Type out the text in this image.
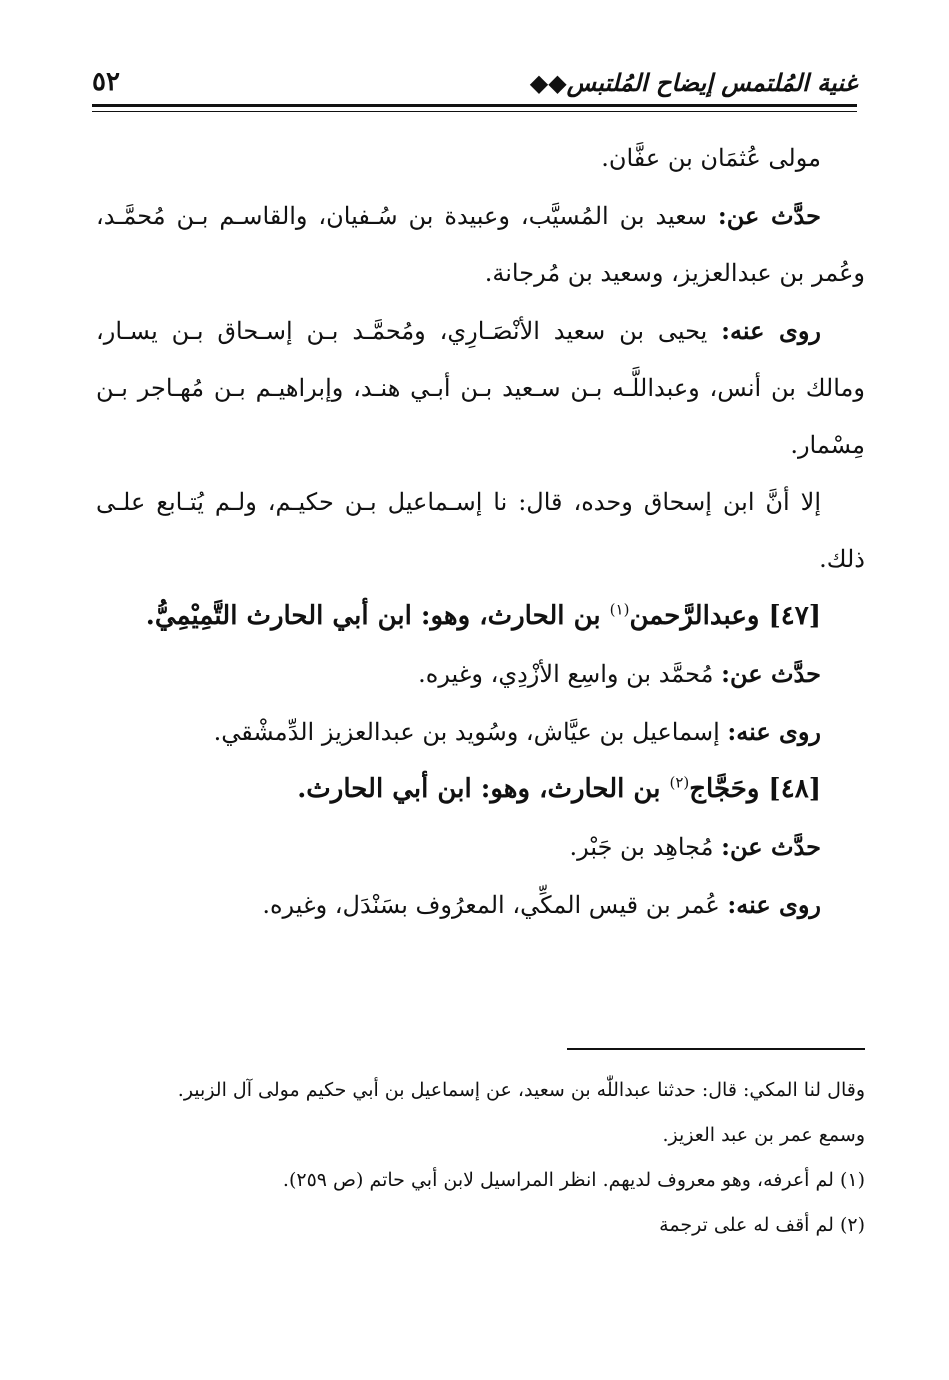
٥٢	غنية المُلتمس إيضاح المُلتبس◆◆

مولى عُثمَان بن عفَّان.

حدَّث عن: سعيد بن المُسيَّب، وعبيدة بن سُـفيان، والقاسـم بـن مُحمَّـد، وعُمر بن عبدالعزيز، وسعيد بن مُرجانة.

روى عنه: يحيى بن سعيد الأنْصَـارِي، ومُحمَّـد بـن إسـحاق بـن يسـار، ومالك بن أنس، وعبداللَّـه بـن سـعيد بـن أبـي هنـد، وإبراهيـم بـن مُهـاجر بـن مِسْمار.

إلا أنَّ ابن إسحاق وحده، قال: نا إسـماعيل بـن حكيـم، ولـم يُتـابع علـى ذلك.

[٤٧] وعبدالرَّحمن$^{(١)}$ بن الحارث، وهو: ابن أبي الحارث التَّمِيْمِيُّ.

حدَّث عن: مُحمَّد بن واسِع الأزْدِي، وغيره.

روى عنه: إسماعيل بن عيَّاش، وسُويد بن عبدالعزيز الدِّمشْقي.

[٤٨] وحَجَّاج$^{(٢)}$ بن الحارث، وهو: ابن أبي الحارث.

حدَّث عن: مُجاهِد بن جَبْر.

روى عنه: عُمر بن قيس المكِّي، المعرُوف بسَنْدَل، وغيره.

وقال لنا المكي: قال: حدثنا عبداللّٰه بن سعيد، عن إسماعيل بن أبي حكيم مولى آل الزبير.

وسمع عمر بن عبد العزيز.

(١) لم أعرفه، وهو معروف لديهم. انظر المراسيل لابن أبي حاتم (ص ٢٥٩).

(٢) لم أقف له على ترجمة
